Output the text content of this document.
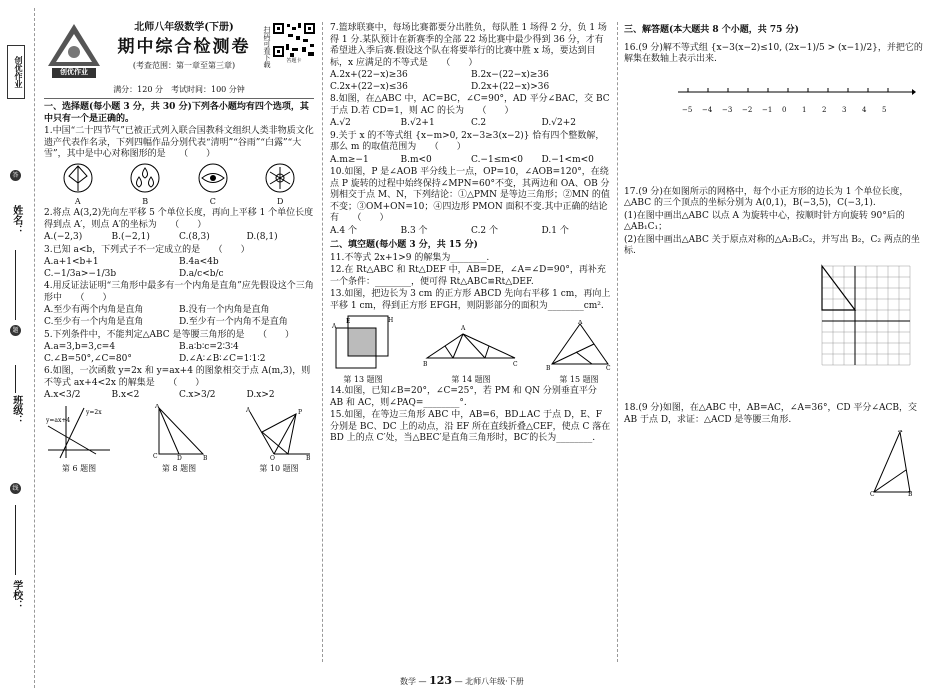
创优作业
答
姓名：
题
班级：
线
学校：
创优作业
答题卡
扫码可看下载
北师八年级数学(下册)
期中综合检测卷
(考查范围：第一章至第三章)
满分：120 分　考试时间：100 分钟

一、选择题(每小题 3 分，共 30 分)下列各小题均有四个选项，其中只有一个是正确的。

1.中国“二十四节气”已被正式列入联合国教科文组织人类非物质文化遗产代表作名录，下列四幅作品分别代表“清明”“谷雨”“白露”“大雪”，其中是中心对称图形的是　　（　　）

A	B	C	D

2.将点 A(3,2)先向左平移 5 个单位长度，再向上平移 1 个单位长度得到点 A′，则点 A′的坐标为　　（　　）

A.(−2,3)	B.(−2,1)	C.(8,3)	D.(8,1)

3.已知 a<b，下列式子不一定成立的是　　（　　）

A.a+1<b+1	B.4a<4b
C.−1/3a>−1/3b	D.a/c<b/c

4.用反证法证明“三角形中最多有一个内角是直角”应先假设这个三角形中　　（　　）

A.至少有两个内角是直角	B.没有一个内角是直角
C.至少有一个内角是直角	D.至少有一个内角不是直角

5.下列条件中，不能判定△ABC 是等腰三角形的是　　（　　）

A.a=3,b=3,c=4	B.a∶b∶c=2∶3∶4
C.∠B=50°,∠C=80°	D.∠A∶∠B∶∠C=1∶1∶2

6.如图，一次函数 y=2x 和 y=ax+4 的图象相交于点 A(m,3)，则不等式 ax+4<2x 的解集是　　（　　）

A.x<3/2	B.x<2	C.x>3/2	D.x>2
y=2x
y=ax+4
第 6 题图
A
C	D	B
第 8 题图
A	P
O	B
第 10 题图

7.篮球联赛中，每场比赛都要分出胜负，每队胜 1 场得 2 分，负 1 场得 1 分.某队预计在新赛季的全部 22 场比赛中最少得到 36 分，才有希望进入季后赛.假设这个队在将要举行的比赛中胜 x 场，要达到目标，x 应满足的不等式是　　（　　）

A.2x+(22−x)≥36	B.2x−(22−x)≥36
C.2x+(22−x)≤36	D.2x+(22−x)>36

8.如图，在△ABC 中，AC=BC，∠C=90°，AD 平分∠BAC，交 BC 于点 D.若 CD=1，则 AC 的长为　　（　　）

A.√2	B.√2+1	C.2	D.√2+2

9.关于 x 的不等式组 {x−m>0, 2x−3≥3(x−2)} 恰有四个整数解，那么 m 的取值范围为　　（　　）

A.m≥−1	B.m<0	C.−1≤m<0	D.−1<m<0

10.如图，P 是∠AOB 平分线上一点，OP=10，∠AOB=120°，在绕点 P 旋转的过程中始终保持∠MPN=60°不变，其两边和 OA、OB 分别相交于点 M、N，下列结论：①△PMN 是等边三角形；②MN 的值不变；③OM+ON=10；④四边形 PMON 面积不变.其中正确的结论有　　（　　）

A.4 个	B.3 个	C.2 个	D.1 个

二、填空题(每小题 3 分，共 15 分)

11.不等式 2x+1>9 的解集为________.

12.在 Rt△ABC 和 Rt△DEF 中，AB=DE，∠A=∠D=90°，再补充一个条件：________，便可得 Rt△ABC≌Rt△DEF.

13.如图，把边长为 3 cm 的正方形 ABCD 先向右平移 1 cm，再向上平移 1 cm，得到正方形 EFGH，则阴影部分的面积为________cm².

E	H
A
第 13 题图
A
B	C
第 14 题图
A
B	C
第 15 题图

14.如图，已知∠B=20°，∠C=25°，若 PM 和 QN 分别垂直平分 AB 和 AC，则∠PAQ=________°.

15.如图，在等边三角形 ABC 中，AB=6，BD⊥AC 于点 D，E、F 分别是 BC、DC 上的动点，沿 EF 所在直线折叠△CEF，使点 C 落在 BD 上的点 C′处，当△BEC′是直角三角形时，BC′的长为________.

三、解答题(本大题共 8 个小题，共 75 分)

16.(9 分)解不等式组 {x−3(x−2)≤10, (2x−1)/5 > (x−1)/2}，并把它的解集在数轴上表示出来.

−5 −4 −3 −2 −1 0 1 2 3 4 5

17.(9 分)在如图所示的网格中，每个小正方形的边长为 1 个单位长度，△ABC 的三个顶点的坐标分别为 A(0,1)，B(−3,5)，C(−3,1).

(1)在图中画出△ABC 以点 A 为旋转中心，按顺时针方向旋转 90°后的△AB₁C₁；

(2)在图中画出△ABC 关于原点对称的△A₂B₂C₂，并写出 B₂，C₂ 两点的坐标.

18.(9 分)如图，在△ABC 中，AB=AC，∠A=36°，CD 平分∠ACB，交 AB 于点 D，求证：△ACD 是等腰三角形.

A
C	B
数学 — 123 — 北师八年级·下册
